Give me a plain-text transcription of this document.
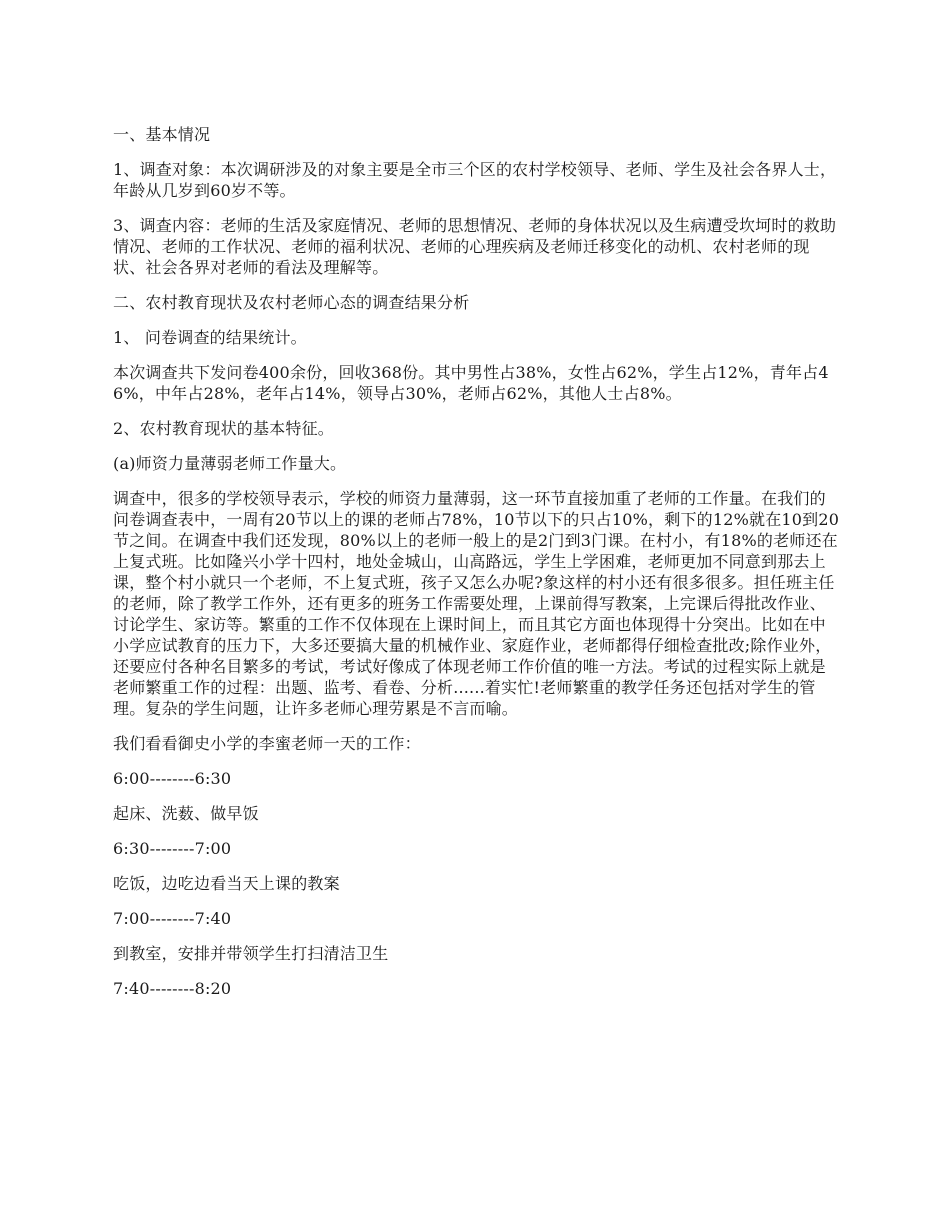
一、基本情况

1、调查对象：本次调研涉及的对象主要是全市三个区的农村学校领导、老师、学生及社会各界人士，年龄从几岁到60岁不等。

3、调查内容：老师的生活及家庭情况、老师的思想情况、老师的身体状况以及生病遭受坎坷时的救助情况、老师的工作状况、老师的福利状况、老师的心理疾病及老师迁移变化的动机、农村老师的现状、社会各界对老师的看法及理解等。

二、农村教育现状及农村老师心态的调查结果分析

1、 问卷调查的结果统计。

本次调查共下发问卷400余份，回收368份。其中男性占38%，女性占62%，学生占12%，青年占46%，中年占28%，老年占14%，领导占30%，老师占62%，其他人士占8%。

2、农村教育现状的基本特征。

(a)师资力量薄弱老师工作量大。

调查中，很多的学校领导表示，学校的师资力量薄弱，这一环节直接加重了老师的工作量。在我们的问卷调查表中，一周有20节以上的课的老师占78%，10节以下的只占10%，剩下的12%就在10到20节之间。在调查中我们还发现，80%以上的老师一般上的是2门到3门课。在村小，有18%的老师还在上复式班。比如隆兴小学十四村，地处金城山，山高路远，学生上学困难，老师更加不同意到那去上课，整个村小就只一个老师，不上复式班，孩子又怎么办呢?象这样的村小还有很多很多。担任班主任的老师，除了教学工作外，还有更多的班务工作需要处理，上课前得写教案，上完课后得批改作业、讨论学生、家访等。繁重的工作不仅体现在上课时间上，而且其它方面也体现得十分突出。比如在中小学应试教育的压力下，大多还要搞大量的机械作业、家庭作业，老师都得仔细检查批改;除作业外，还要应付各种名目繁多的考试，考试好像成了体现老师工作价值的唯一方法。考试的过程实际上就是老师繁重工作的过程：出题、监考、看卷、分析......着实忙!老师繁重的教学任务还包括对学生的管理。复杂的学生问题，让许多老师心理劳累是不言而喻。

我们看看御史小学的李蜜老师一天的工作：

6:00--------6:30

起床、洗薮、做早饭

6:30--------7:00

吃饭，边吃边看当天上课的教案

7:00--------7:40

到教室，安排并带领学生打扫清洁卫生

7:40--------8:20
